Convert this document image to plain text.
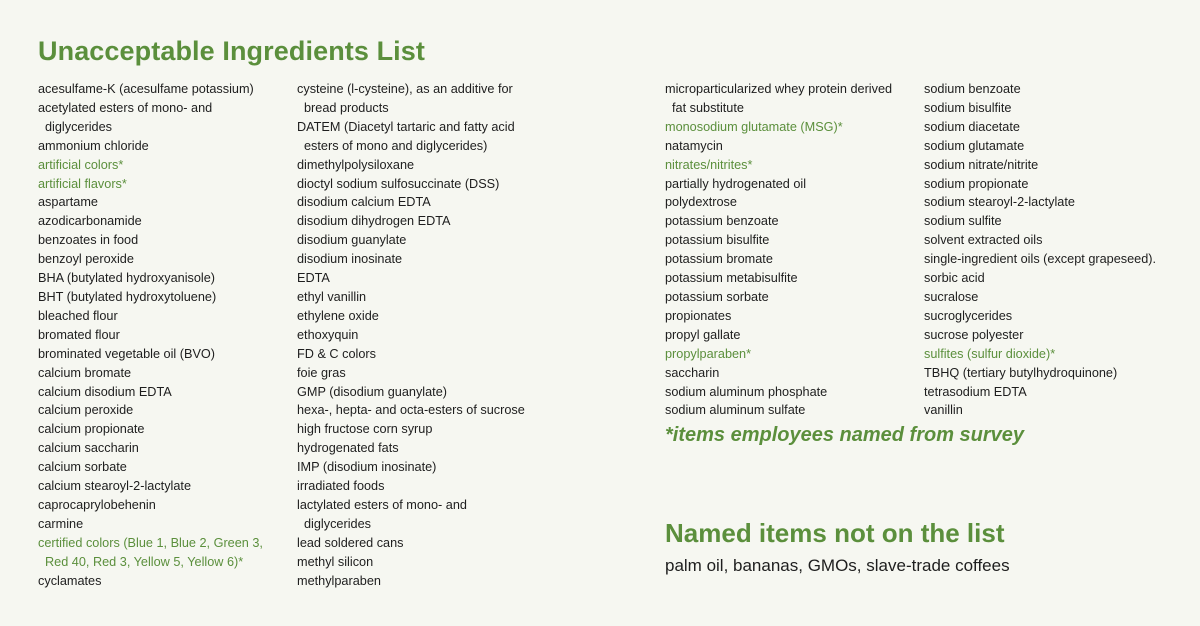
Unacceptable Ingredients List
acesulfame-K (acesulfame potassium)
acetylated esters of mono- and
diglycerides
ammonium chloride
artificial colors*
artificial flavors*
aspartame
azodicarbonamide
benzoates in food
benzoyl peroxide
BHA (butylated hydroxyanisole)
BHT (butylated hydroxytoluene)
bleached flour
bromated flour
brominated vegetable oil (BVO)
calcium bromate
calcium disodium EDTA
calcium peroxide
calcium propionate
calcium saccharin
calcium sorbate
calcium stearoyl-2-lactylate
caprocaprylobehenin
carmine
certified colors (Blue 1, Blue 2, Green 3,
Red 40, Red 3, Yellow 5, Yellow 6)*
cyclamates
cysteine (l-cysteine), as an additive for
bread products
DATEM (Diacetyl tartaric and fatty acid
esters of mono and diglycerides)
dimethylpolysiloxane
dioctyl sodium sulfosuccinate (DSS)
disodium calcium EDTA
disodium dihydrogen EDTA
disodium guanylate
disodium inosinate
EDTA
ethyl vanillin
ethylene oxide
ethoxyquin
FD & C colors
foie gras
GMP (disodium guanylate)
hexa-, hepta- and octa-esters of sucrose
high fructose corn syrup
hydrogenated fats
IMP (disodium inosinate)
irradiated foods
lactylated esters of mono- and
diglycerides
lead soldered cans
methyl silicon
methylparaben
microparticularized whey protein derived
fat substitute
monosodium glutamate (MSG)*
natamycin
nitrates/nitrites*
partially hydrogenated oil
polydextrose
potassium benzoate
potassium bisulfite
potassium bromate
potassium metabisulfite
potassium sorbate
propionates
propyl gallate
propylparaben*
saccharin
sodium aluminum phosphate
sodium aluminum sulfate
sodium benzoate
sodium bisulfite
sodium diacetate
sodium glutamate
sodium nitrate/nitrite
sodium propionate
sodium stearoyl-2-lactylate
sodium sulfite
solvent extracted oils
single-ingredient oils (except grapeseed).
sorbic acid
sucralose
sucroglycerides
sucrose polyester
sulfites (sulfur dioxide)*
TBHQ (tertiary butylhydroquinone)
tetrasodium EDTA
vanillin
*items employees named from survey
Named items not on the list
palm oil, bananas, GMOs, slave-trade coffees
